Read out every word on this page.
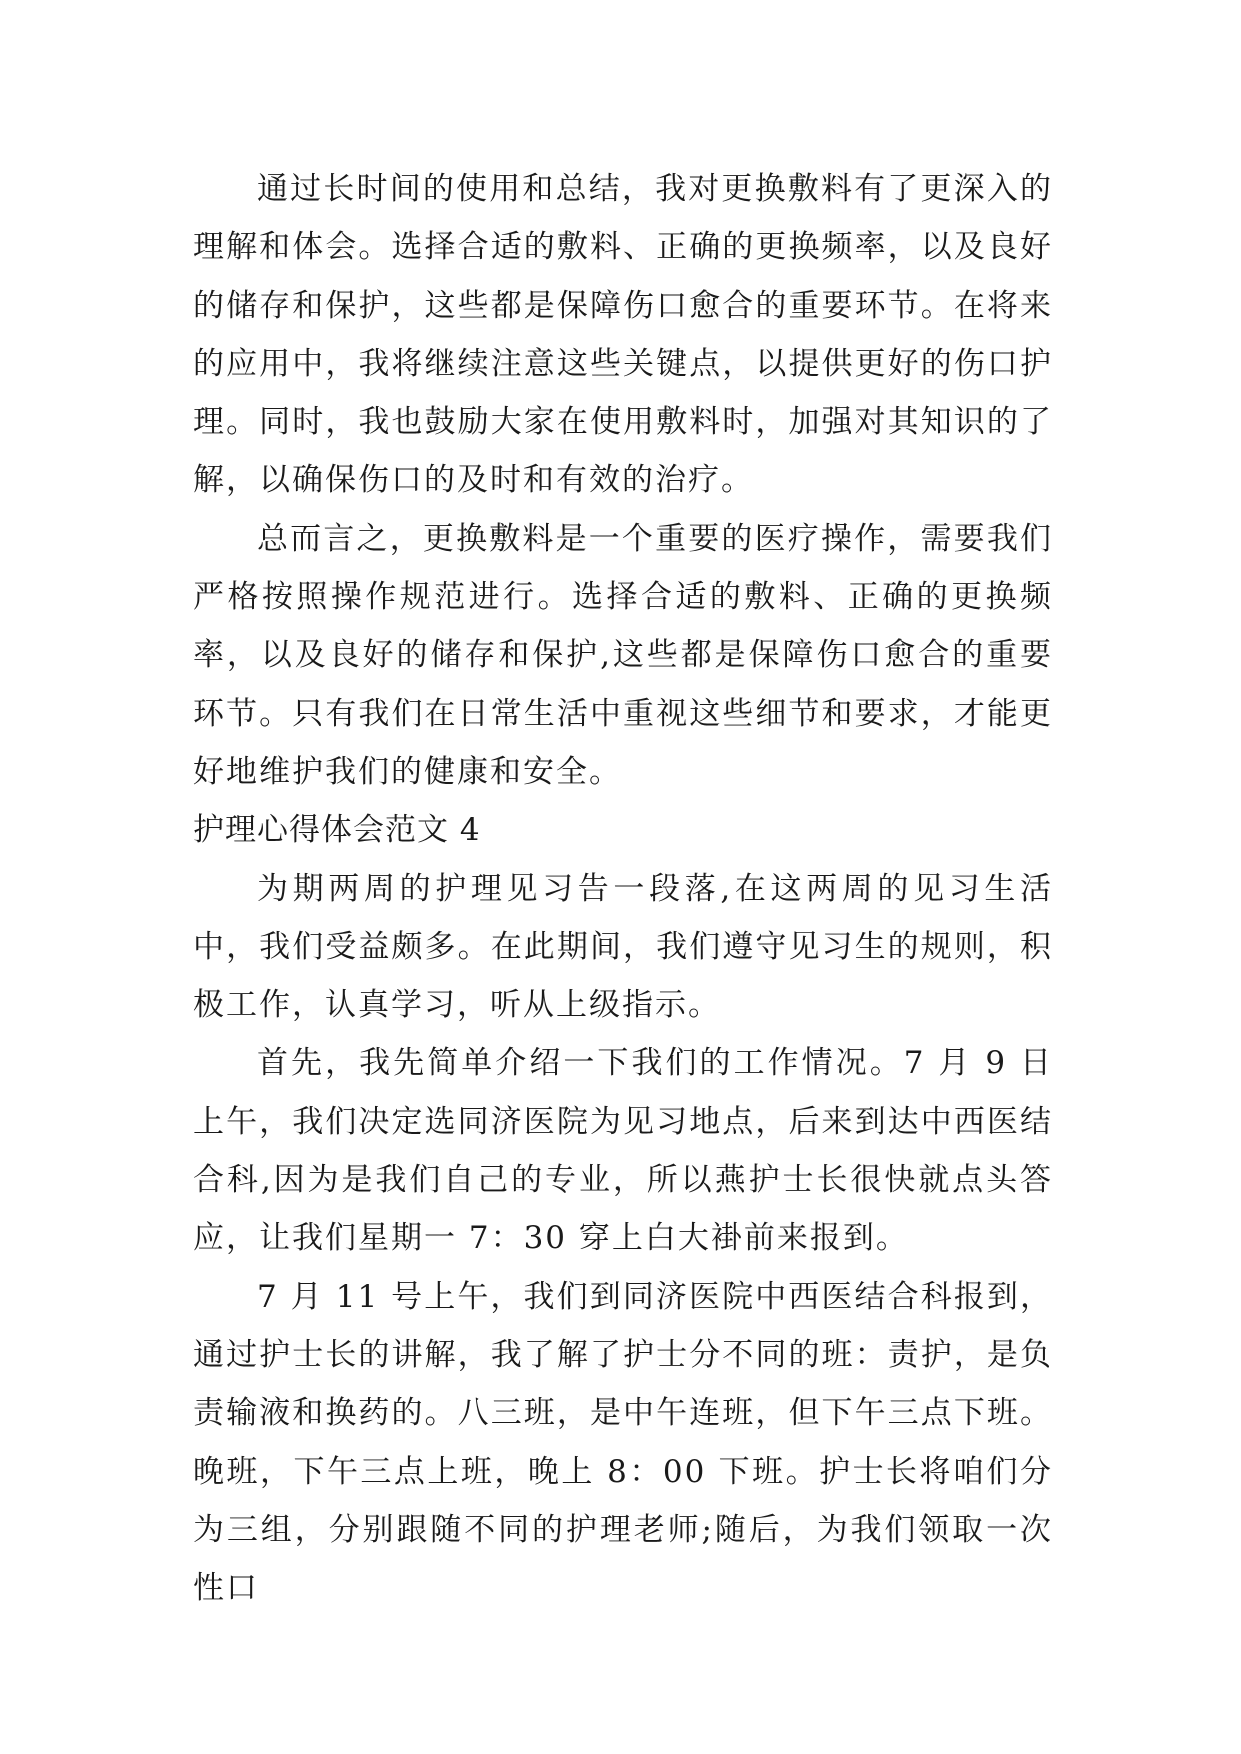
通过长时间的使用和总结，我对更换敷料有了更深入的理解和体会。选择合适的敷料、正确的更换频率，以及良好的储存和保护，这些都是保障伤口愈合的重要环节。在将来的应用中，我将继续注意这些关键点，以提供更好的伤口护理。同时，我也鼓励大家在使用敷料时，加强对其知识的了解，以确保伤口的及时和有效的治疗。

总而言之，更换敷料是一个重要的医疗操作，需要我们严格按照操作规范进行。选择合适的敷料、正确的更换频率，以及良好的储存和保护,这些都是保障伤口愈合的重要环节。只有我们在日常生活中重视这些细节和要求，才能更好地维护我们的健康和安全。

护理心得体会范文 4

为期两周的护理见习告一段落,在这两周的见习生活中，我们受益颇多。在此期间，我们遵守见习生的规则，积极工作，认真学习，听从上级指示。

首先，我先简单介绍一下我们的工作情况。7 月 9 日上午，我们决定选同济医院为见习地点，后来到达中西医结合科,因为是我们自己的专业，所以燕护士长很快就点头答应，让我们星期一 7：30 穿上白大褂前来报到。

7 月 11 号上午，我们到同济医院中西医结合科报到，通过护士长的讲解，我了解了护士分不同的班：责护，是负责输液和换药的。八三班，是中午连班，但下午三点下班。晚班，下午三点上班，晚上 8：00 下班。护士长将咱们分为三组，分别跟随不同的护理老师;随后，为我们领取一次性口
